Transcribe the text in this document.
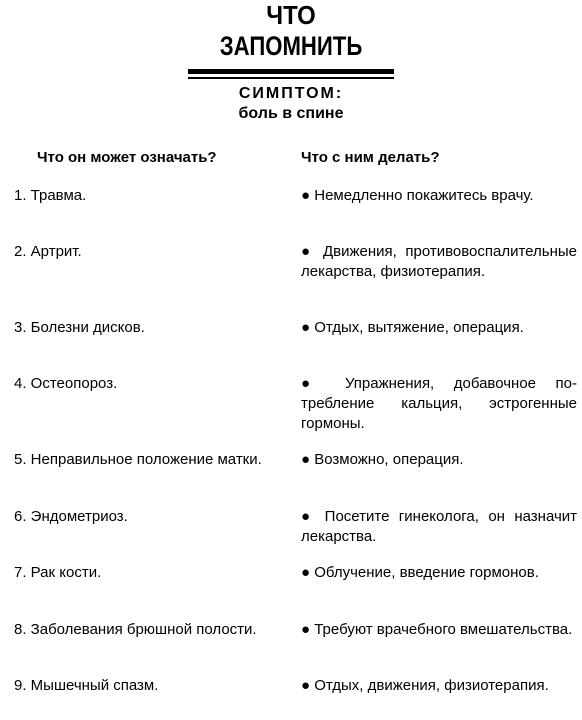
ЧТО
ЗАПОМНИТЬ
СИМПТОМ:
боль в спине
Что он может означать?	Что с ним делать?
1. Травма.	● Немедленно покажитесь врачу.
2. Артрит.	● Движения, противовоспалительные лекарства, физиотерапия.
3. Болезни дисков.	● Отдых, вытяжение, операция.
4. Остеопороз.	● Упражнения, добавочное потребление кальция, эстрогенные гормоны.
5. Неправильное положение матки.	● Возможно, операция.
6. Эндометриоз.	● Посетите гинеколога, он назначит лекарства.
7. Рак кости.	● Облучение, введение гормонов.
8. Заболевания брюшной полости.	● Требуют врачебного вмешательства.
9. Мышечный спазм.	● Отдых, движения, физиотерапия.
